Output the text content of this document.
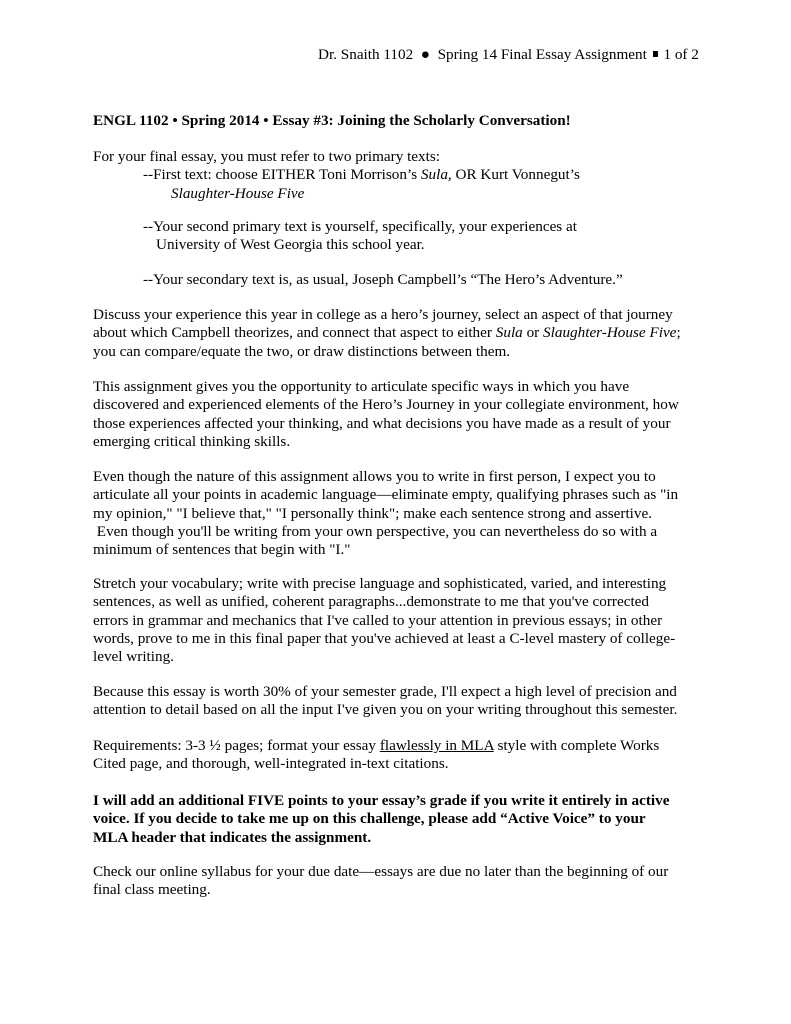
Dr. Snaith 1102  ●  Spring 14 Final Essay Assignment 1 of 2
ENGL 1102 • Spring 2014 • Essay #3: Joining the Scholarly Conversation!
For your final essay, you must refer to two primary texts:
--First text: choose EITHER Toni Morrison’s Sula, OR Kurt Vonnegut’s
Slaughter-House Five
--Your second primary text is yourself, specifically, your experiences at
University of West Georgia this school year.
--Your secondary text is, as usual, Joseph Campbell’s “The Hero’s Adventure.”
Discuss your experience this year in college as a hero’s journey, select an aspect of that journey
about which Campbell theorizes, and connect that aspect to either Sula or Slaughter-House Five;
you can compare/equate the two, or draw distinctions between them.
This assignment gives you the opportunity to articulate specific ways in which you have
discovered and experienced elements of the Hero’s Journey in your collegiate environment, how
those experiences affected your thinking, and what decisions you have made as a result of your
emerging critical thinking skills.
Even though the nature of this assignment allows you to write in first person, I expect you to
articulate all your points in academic language—eliminate empty, qualifying phrases such as "in
my opinion," "I believe that," "I personally think"; make each sentence strong and assertive.
Even though you'll be writing from your own perspective, you can nevertheless do so with a
minimum of sentences that begin with "I."
Stretch your vocabulary; write with precise language and sophisticated, varied, and interesting
sentences, as well as unified, coherent paragraphs...demonstrate to me that you've corrected
errors in grammar and mechanics that I've called to your attention in previous essays; in other
words, prove to me in this final paper that you've achieved at least a C-level mastery of college-
level writing.
Because this essay is worth 30% of your semester grade, I'll expect a high level of precision and
attention to detail based on all the input I've given you on your writing throughout this semester.
Requirements: 3-3 ½ pages; format your essay flawlessly in MLA style with complete Works
Cited page, and thorough, well-integrated in-text citations.
I will add an additional FIVE points to your essay’s grade if you write it entirely in active
voice. If you decide to take me up on this challenge, please add “Active Voice” to your
MLA header that indicates the assignment.
Check our online syllabus for your due date—essays are due no later than the beginning of our
final class meeting.
